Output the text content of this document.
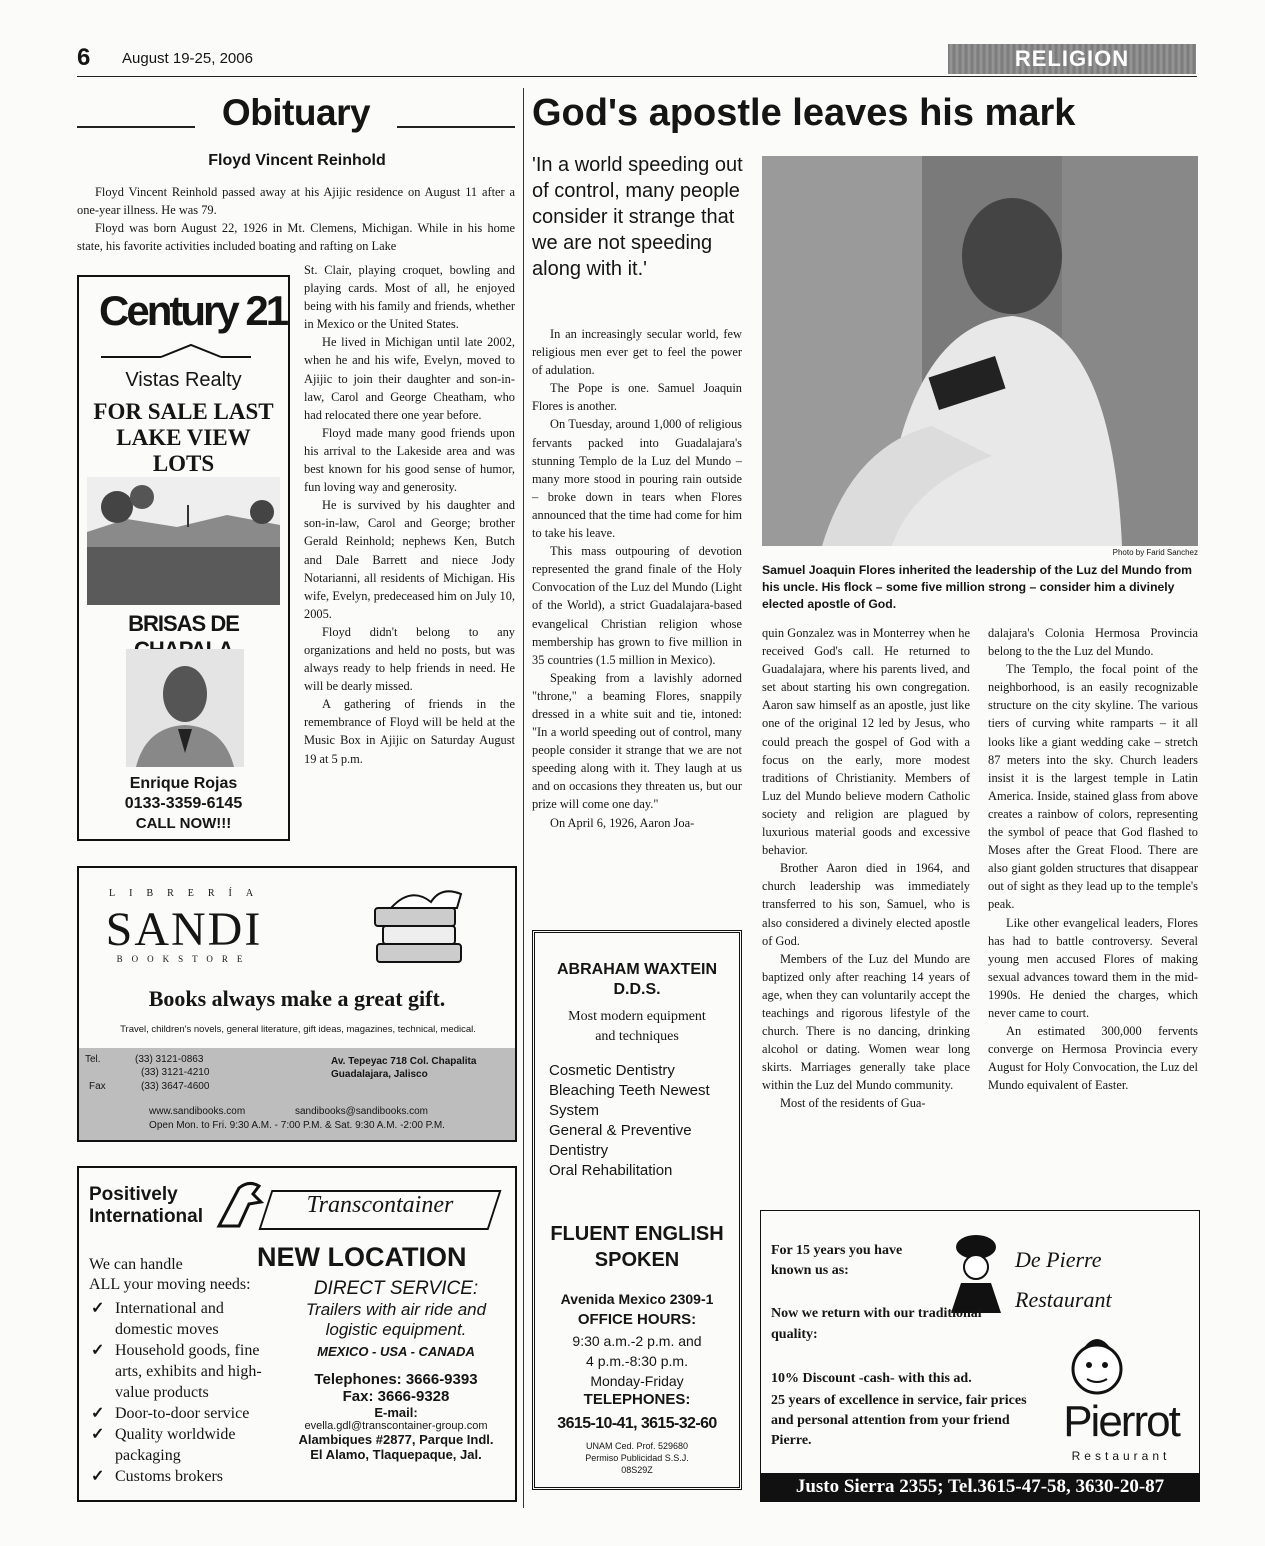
6 August 19-25, 2006	RELIGION
Obituary
Floyd Vincent Reinhold

Floyd Vincent Reinhold passed away at his Ajijic residence on August 11 after a one-year illness. He was 79.

Floyd was born August 22, 1926 in Mt. Clemens, Michigan. While in his home state, his favorite activities included boating and rafting on Lake

St. Clair, playing croquet, bowling and playing cards. Most of all, he enjoyed being with his family and friends, whether in Mexico or the United States.

He lived in Michigan until late 2002, when he and his wife, Evelyn, moved to Ajijic to join their daughter and son-in-law, Carol and George Cheatham, who had relocated there one year before.

Floyd made many good friends upon his arrival to the Lakeside area and was best known for his good sense of humor, fun loving way and generosity.

He is survived by his daughter and son-in-law, Carol and George; brother Gerald Reinhold; nephews Ken, Butch and Dale Barrett and niece Jody Notarianni, all residents of Michigan. His wife, Evelyn, predeceased him on July 10, 2005.

Floyd didn't belong to any organizations and held no posts, but was always ready to help friends in need. He will be dearly missed.

A gathering of friends in the remembrance of Floyd will be held at the Music Box in Ajijic on Saturday August 19 at 5 p.m.

Century 21
Vistas Realty
FOR SALE LAST LAKE VIEW LOTS
BRISAS DE
Enrique Rojas
0133-3359-6145
CALL NOW!!!
LIBRERÍA
SANDI
BOOKSTORE
Books always make a great gift.
Travel, children's novels, general literature, gift ideas, magazines, technical, medical.
Tel.	(33) 3121-0863
(33) 3121-4210
Fax	(33) 3647-4600
Av. Tepeyac 718 Col. Chapalita
Guadalajara, Jalisco
www.sandibooks.com	sandibooks@sandibooks.com
Open Mon. to Fri. 9:30 A.M. - 7:00 P.M. & Sat. 9:30 A.M. -2:00 P.M.
Positively
International	Transcontainer
We can handle	NEW LOCATION
ALL your moving needs:
✓ International and domestic moves
✓ Household goods, fine arts, exhibits and high-value products
✓ Door-to-door service
✓ Quality worldwide packaging
✓ Customs brokers
DIRECT SERVICE:
Trailers with air ride and logistic equipment.
MEXICO - USA - CANADA
Telephones: 3666-9393
Fax: 3666-9328
E-mail:
evella.gdl@transcontainer-group.com
Alambiques #2877, Parque Indl.
El Alamo, Tlaquepaque, Jal.
God's apostle leaves his mark
'In a world speeding out of control, many people consider it strange that we are not speeding along with it.'
Photo by Farid Sanchez
Samuel Joaquin Flores inherited the leadership of the Luz del Mundo from his uncle. His flock – some five million strong – consider him a divinely elected apostle of God.

In an increasingly secular world, few religious men ever get to feel the power of adulation.

The Pope is one. Samuel Joaquin Flores is another.

On Tuesday, around 1,000 of religious fervants packed into Guadalajara's stunning Templo de la Luz del Mundo – many more stood in pouring rain outside – broke down in tears when Flores announced that the time had come for him to take his leave.

This mass outpouring of devotion represented the grand finale of the Holy Convocation of the Luz del Mundo (Light of the World), a strict Guadalajara-based evangelical Christian religion whose membership has grown to five million in 35 countries (1.5 million in Mexico).

Speaking from a lavishly adorned "throne," a beaming Flores, snappily dressed in a white suit and tie, intoned: "In a world speeding out of control, many people consider it strange that we are not speeding along with it. They laugh at us and on occasions they threaten us, but our prize will come one day."

On April 6, 1926, Aaron Joa-

quin Gonzalez was in Monterrey when he received God's call. He returned to Guadalajara, where his parents lived, and set about starting his own congregation. Aaron saw himself as an apostle, just like one of the original 12 led by Jesus, who could preach the gospel of God with a focus on the early, more modest traditions of Christianity. Members of Luz del Mundo believe modern Catholic society and religion are plagued by luxurious material goods and excessive behavior.

Brother Aaron died in 1964, and church leadership was immediately transferred to his son, Samuel, who is also considered a divinely elected apostle of God.

Members of the Luz del Mundo are baptized only after reaching 14 years of age, when they can voluntarily accept the teachings and rigorous lifestyle of the church. There is no dancing, drinking alcohol or dating. Women wear long skirts. Marriages generally take place within the Luz del Mundo community.

Most of the residents of Gua-

dalajara's Colonia Hermosa Provincia belong to the the Luz del Mundo.

The Templo, the focal point of the neighborhood, is an easily recognizable structure on the city skyline. The various tiers of curving white ramparts – it all looks like a giant wedding cake – stretch 87 meters into the sky. Church leaders insist it is the largest temple in Latin America. Inside, stained glass from above creates a rainbow of colors, representing the symbol of peace that God flashed to Moses after the Great Flood. There are also giant golden structures that disappear out of sight as they lead up to the temple's peak.

Like other evangelical leaders, Flores has had to battle controversy. Several young men accused Flores of making sexual advances toward them in the mid-1990s. He denied the charges, which never came to court.

An estimated 300,000 fervents converge on Hermosa Provincia every August for Holy Convocation, the Luz del Mundo equivalent of Easter.

ABRAHAM WAXTEIN
D.D.S.
Most modern equipment and techniques
Cosmetic Dentistry
Bleaching Teeth Newest System
General & Preventive Dentistry
Oral Rehabilitation
FLUENT ENGLISH SPOKEN
Avenida Mexico 2309-1
OFFICE HOURS:
9:30 a.m.-2 p.m. and
4 p.m.-8:30 p.m.
Monday-Friday
TELEPHONES:
3615-10-41, 3615-32-60
UNAM Ced. Prof. 529680
Permiso Publicidad S.S.J.
08S29Z
For 15 years you have known us as:	De Pierre
Restaurant
Now we return with our traditional quality:
10% Discount -cash- with this ad.
25 years of excellence in service, fair prices and personal attention from your friend Pierre.	Pierrot
Restaurant
Justo Sierra 2355; Tel.3615-47-58, 3630-20-87
